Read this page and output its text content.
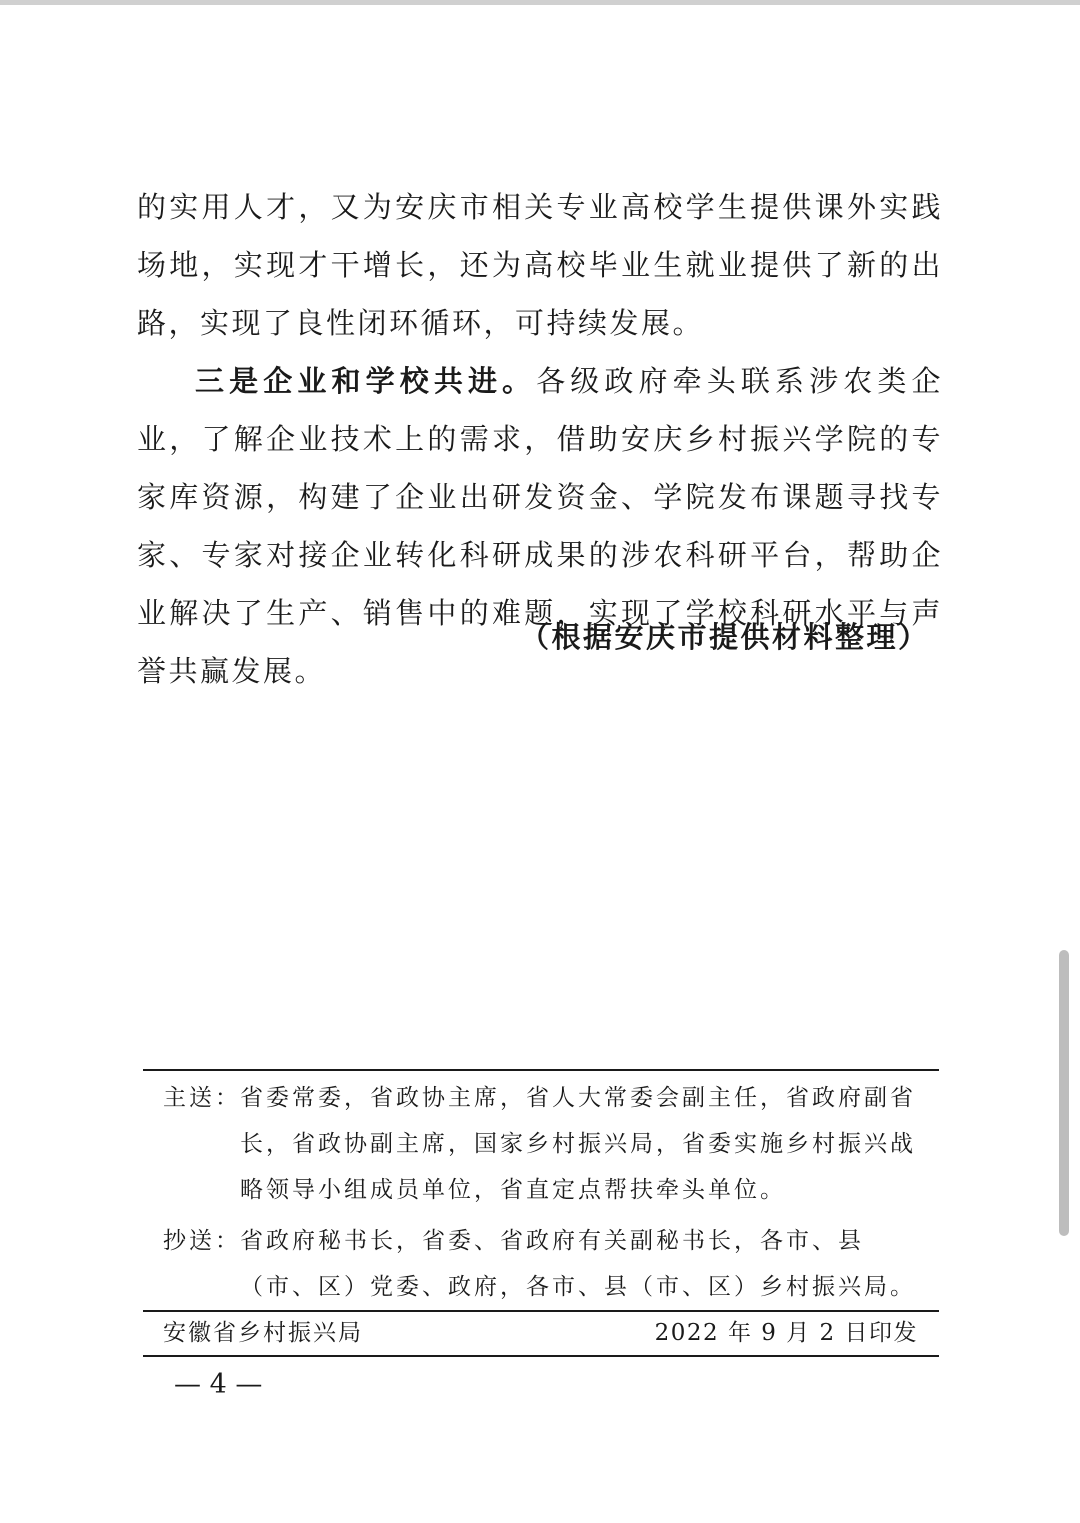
的实用人才，又为安庆市相关专业高校学生提供课外实践场地，实现才干增长，还为高校毕业生就业提供了新的出路，实现了良性闭环循环，可持续发展。

三是企业和学校共进。各级政府牵头联系涉农类企业，了解企业技术上的需求，借助安庆乡村振兴学院的专家库资源，构建了企业出研发资金、学院发布课题寻找专家、专家对接企业转化科研成果的涉农科研平台，帮助企业解决了生产、销售中的难题，实现了学校科研水平与声誉共赢发展。

（根据安庆市提供材料整理）
主送： 省委常委，省政协主席，省人大常委会副主任，省政府副省长，省政协副主席，国家乡村振兴局，省委实施乡村振兴战略领导小组成员单位，省直定点帮扶牵头单位。
抄送： 省政府秘书长，省委、省政府有关副秘书长，各市、县（市、区）党委、政府，各市、县（市、区）乡村振兴局。
安徽省乡村振兴局	2022 年 9 月 2 日印发
— 4 —
